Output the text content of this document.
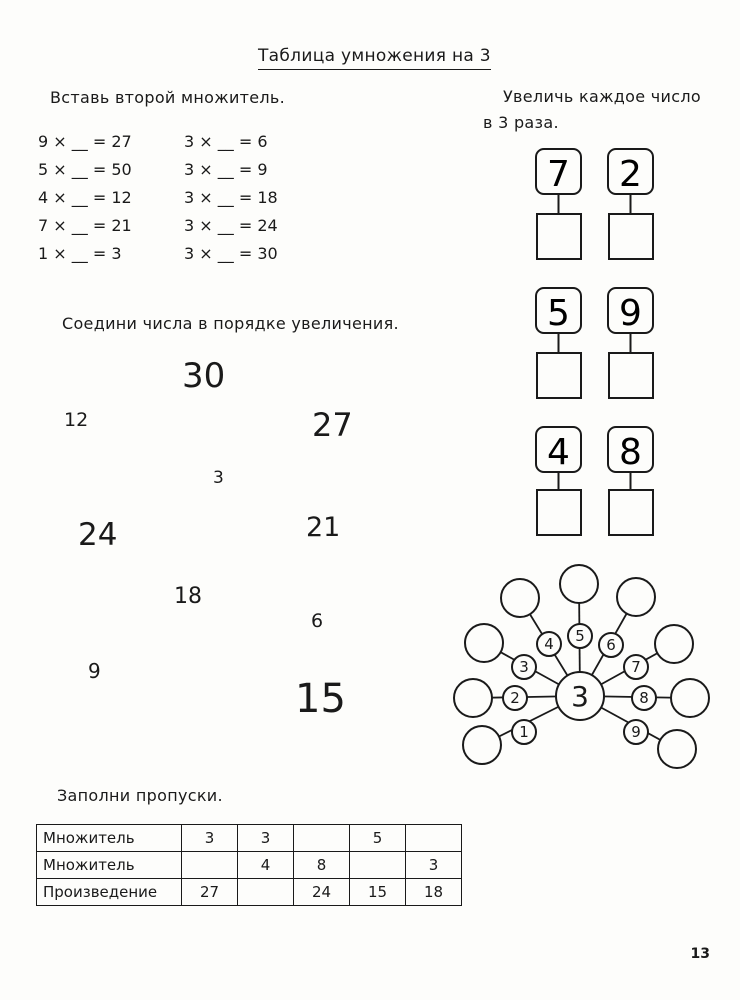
Таблица умножения на 3
Вставь второй множитель.
9 × __ = 27
5 × __ = 50
4 × __ = 12
7 × __ = 21
1 × __ = 3
3 × __ = 6
3 × __ = 9
3 × __ = 18
3 × __ = 24
3 × __ = 30
Соедини числа в порядке увеличения.
30
12	27
3
24	21
18
6
9
15
Увеличь каждое число
в 3 раза.
7 2
5 9
4 8
1
2
3
4 5 6
7
8
9
3
Заполни пропуски.
Множитель	3	3		5	
Множитель		4	8		3
Произведение	27		24	15	18
13
